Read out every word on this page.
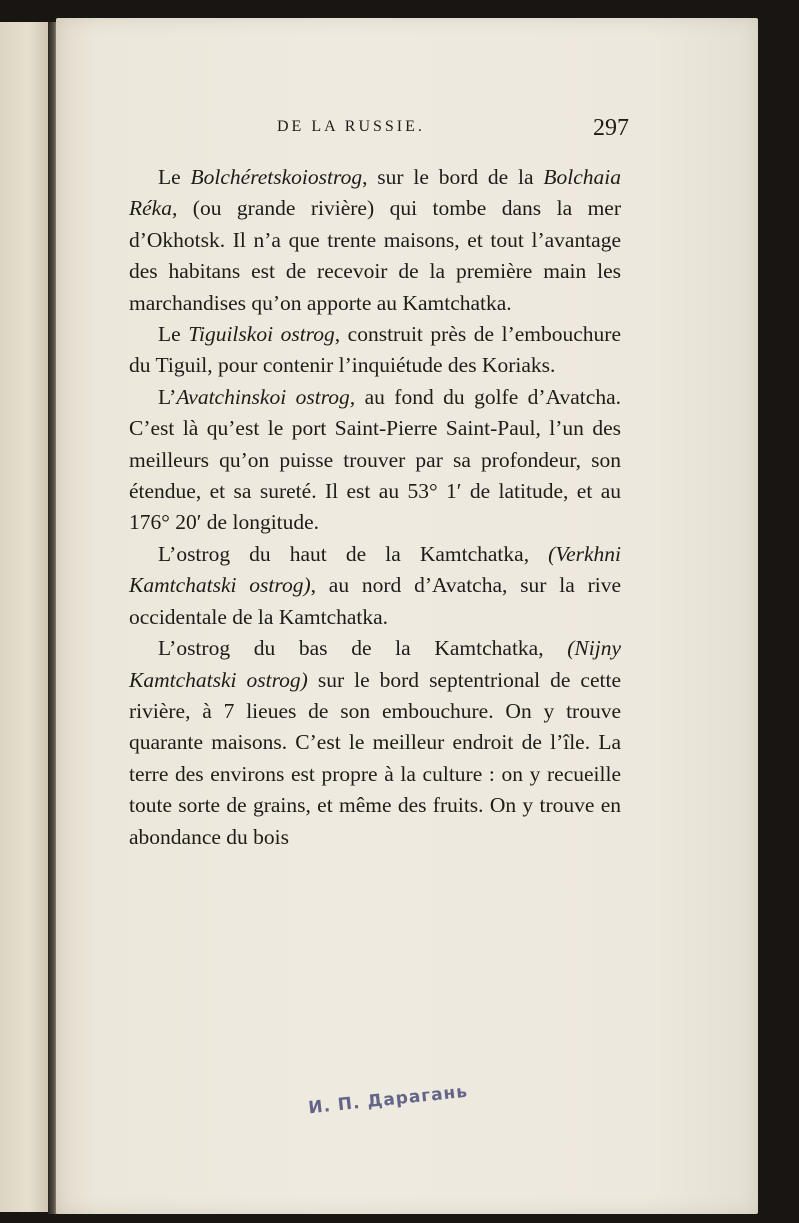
DE LA RUSSIE.	297

Le Bolchéretskoiostrog, sur le bord de la Bolchaia Réka, (ou grande rivière) qui tombe dans la mer d’Okhotsk. Il n’a que trente maisons, et tout l’avantage des habitans est de recevoir de la première main les marchandises qu’on apporte au Kamtchatka.

Le Tiguilskoi ostrog, construit près de l’embouchure du Tiguil, pour contenir l’inquiétude des Koriaks.

L’Avatchinskoi ostrog, au fond du golfe d’Avatcha. C’est là qu’est le port Saint-Pierre Saint-Paul, l’un des meilleurs qu’on puisse trouver par sa profondeur, son étendue, et sa sureté. Il est au 53° 1′ de latitude, et au 176° 20′ de longitude.

L’ostrog du haut de la Kamtchatka, (Verkhni Kamtchatski ostrog), au nord d’Avatcha, sur la rive occidentale de la Kamtchatka.

L’ostrog du bas de la Kamtchatka, (Nijny Kamtchatski ostrog) sur le bord septentrional de cette rivière, à 7 lieues de son embouchure. On y trouve quarante maisons. C’est le meilleur endroit de l’île. La terre des environs est propre à la culture : on y recueille toute sorte de grains, et même des fruits. On y trouve en abondance du bois

И. П. Дарагань
